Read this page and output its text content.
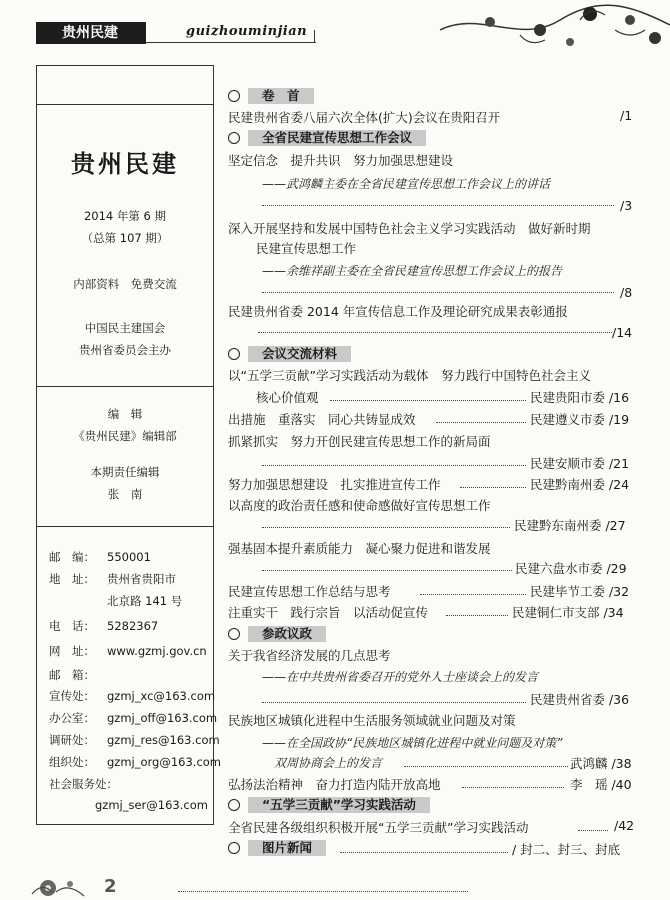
贵州民建	guizhouminjian
贵州民建
2014 年第 6 期
（总第 107 期）
内部资料　免费交流
中国民主建国会
贵州省委员会主办
编　辑
《贵州民建》编辑部
本期责任编辑
张　南
邮　编： 550001
地　址： 贵州省贵阳市
北京路 141 号
电　话： 5282367
网　址： www.gzmj.gov.cn
邮　箱：
宣传处： gzmj_xc@163.com
办公室： gzmj_off@163.com
调研处： gzmj_res@163.com
组织处： gzmj_org@163.com
社会服务处：
gzmj_ser@163.com
卷　首
民建贵州省委八届六次全体(扩大)会议在贵阳召开	/1
全省民建宣传思想工作会议
坚定信念　提升共识　努力加强思想建设
——武鸿麟主委在全省民建宣传思想工作会议上的讲话
/3
深入开展坚持和发展中国特色社会主义学习实践活动　做好新时期
民建宣传思想工作
——余维祥副主委在全省民建宣传思想工作会议上的报告
/8
民建贵州省委 2014 年宣传信息工作及理论研究成果表彰通报
/14
会议交流材料
以“五学三贡献”学习实践活动为载体　努力践行中国特色社会主义
核心价值观	民建贵阳市委 /16
出措施　重落实　同心共铸显成效	民建遵义市委 /19
抓紧抓实　努力开创民建宣传思想工作的新局面
民建安顺市委 /21
努力加强思想建设　扎实推进宣传工作	民建黔南州委 /24
以高度的政治责任感和使命感做好宣传思想工作
民建黔东南州委 /27
强基固本提升素质能力　凝心聚力促进和谐发展
民建六盘水市委 /29
民建宣传思想工作总结与思考	民建毕节工委 /32
注重实干　践行宗旨　以活动促宣传	民建铜仁市支部 /34
参政议政
关于我省经济发展的几点思考
——在中共贵州省委召开的党外人士座谈会上的发言
民建贵州省委 /36
民族地区城镇化进程中生活服务领域就业问题及对策
——在全国政协“民族地区城镇化进程中就业问题及对策”
双周协商会上的发言	武鸿麟 /38
弘扬法治精神　奋力打造内陆开放高地	李　瑶 /40
“五学三贡献”学习实践活动
全省民建各级组织积极开展“五学三贡献”学习实践活动	/42
图片新闻	/ 封二、封三、封底
2
